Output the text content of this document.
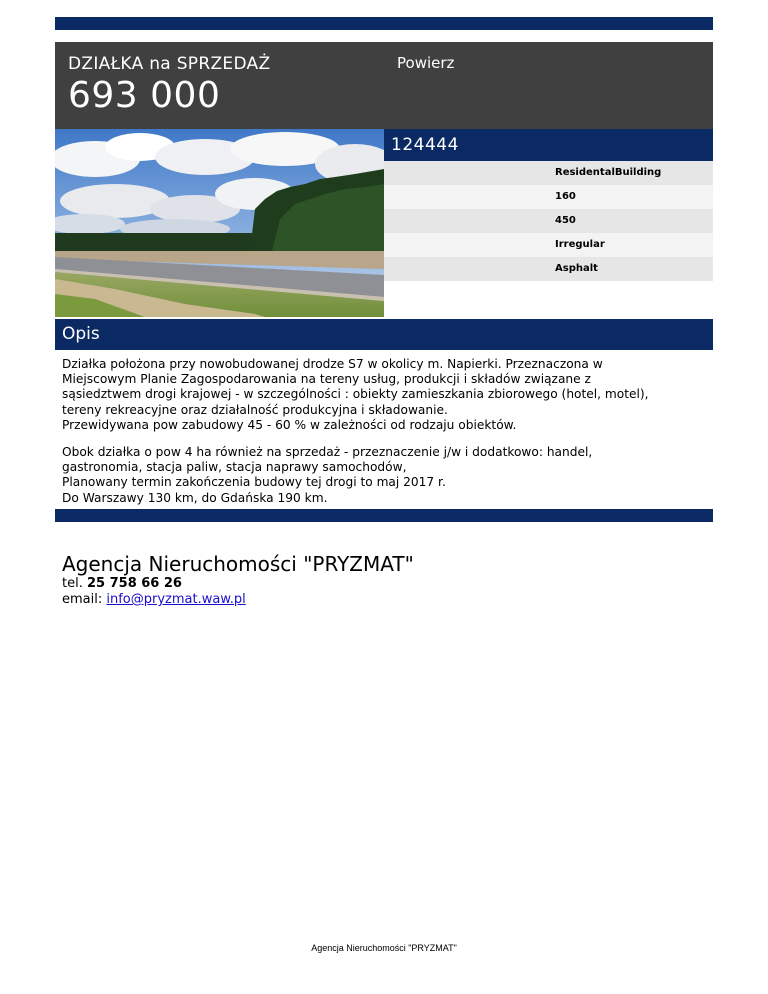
DZIAŁKA na SPRZEDAŻ
693 000
Powierz
124444
ResidentalBuilding
160
450
Irregular
Asphalt
Opis

Działka położona przy nowobudowanej drodze S7 w okolicy m. Napierki. Przeznaczona w
Miejscowym Planie Zagospodarowania na tereny usług, produkcji i składów związane z
sąsiedztwem drogi krajowej - w szczególności : obiekty zamieszkania zbiorowego (hotel, motel),
tereny rekreacyjne oraz działalność produkcyjna i składowanie.
Przewidywana pow zabudowy 45 - 60 % w zależności od rodzaju obiektów.

Obok działka o pow 4 ha również na sprzedaż - przeznaczenie j/w i dodatkowo: handel,
gastronomia, stacja paliw, stacja naprawy samochodów,
Planowany termin zakończenia budowy tej drogi to maj 2017 r.
Do Warszawy 130 km, do Gdańska 190 km.

Agencja Nieruchomości "PRYZMAT"
tel. 25 758 66 26
email: info@pryzmat.waw.pl
Agencja Nieruchomości "PRYZMAT"
